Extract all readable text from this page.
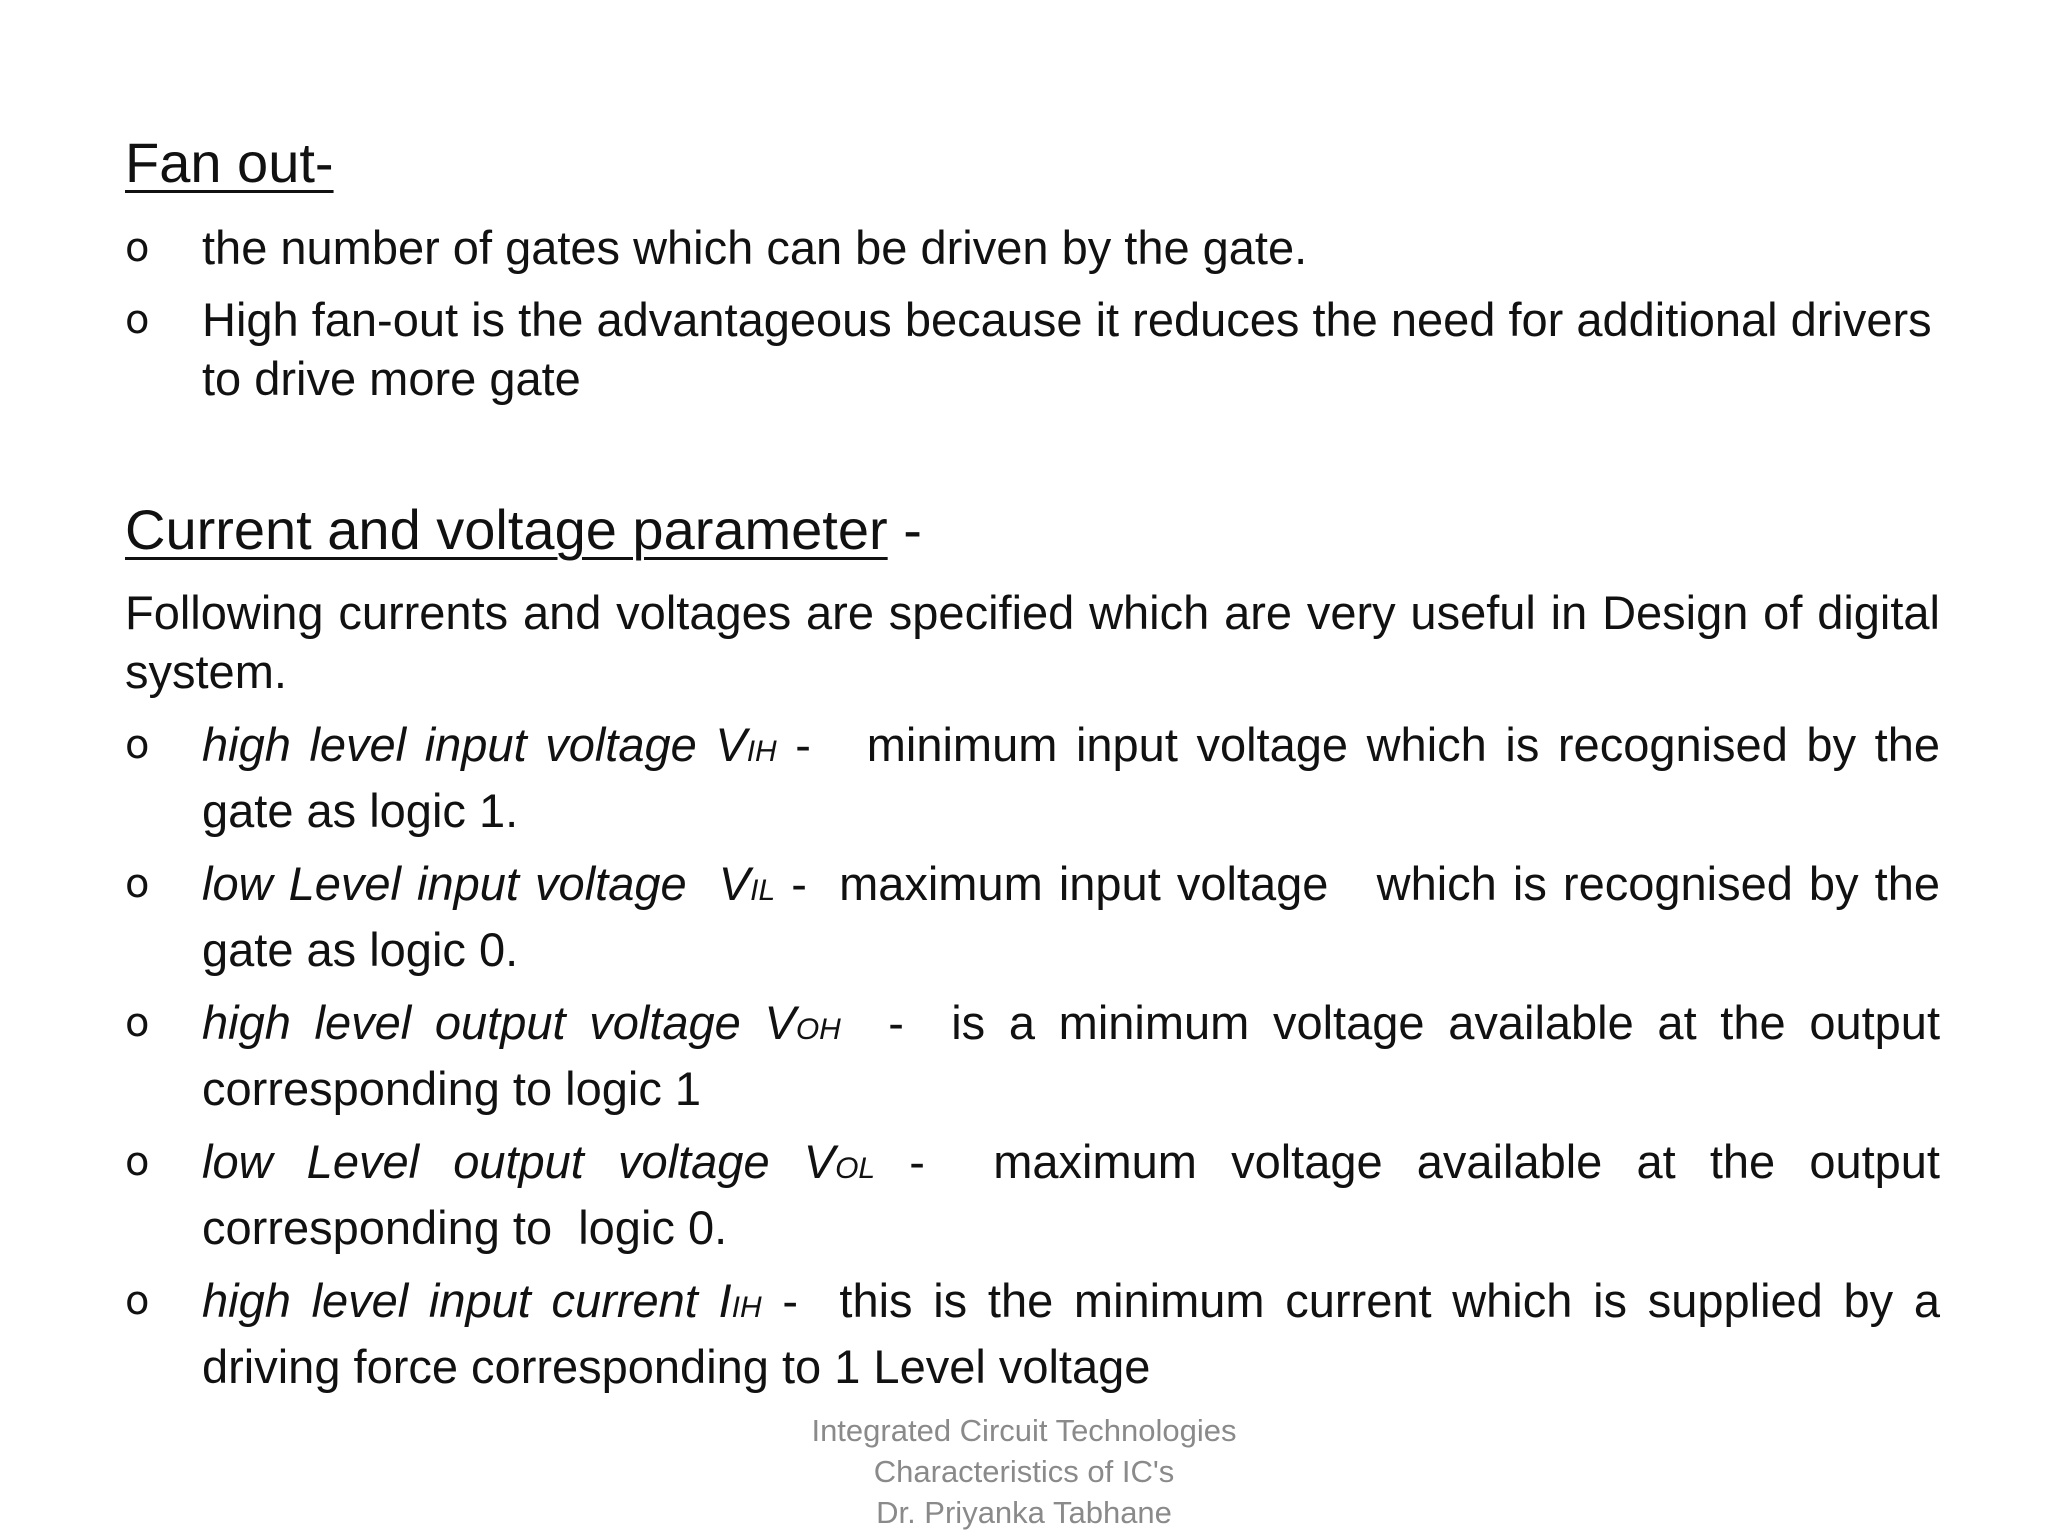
Fan out-
o the number of gates which can be driven by the gate.
o High fan-out is the advantageous because it reduces the need for additional drivers to drive more gate
Current and voltage parameter -
Following currents and voltages are specified which are very useful in Design of digital system.
o high level input voltage VIH -   minimum input voltage which is recognised by the gate as logic 1.
o low Level input voltage  VIL -  maximum input voltage   which is recognised by the gate as logic 0.
o high level output voltage VOH  -  is a minimum voltage available at the output corresponding to logic 1
o low Level output voltage VOL -  maximum voltage available at the output corresponding to  logic 0.
o high level input current IIH -  this is the minimum current which is supplied by a driving force corresponding to 1 Level voltage
Integrated Circuit Technologies
Characteristics of IC's
Dr. Priyanka Tabhane
